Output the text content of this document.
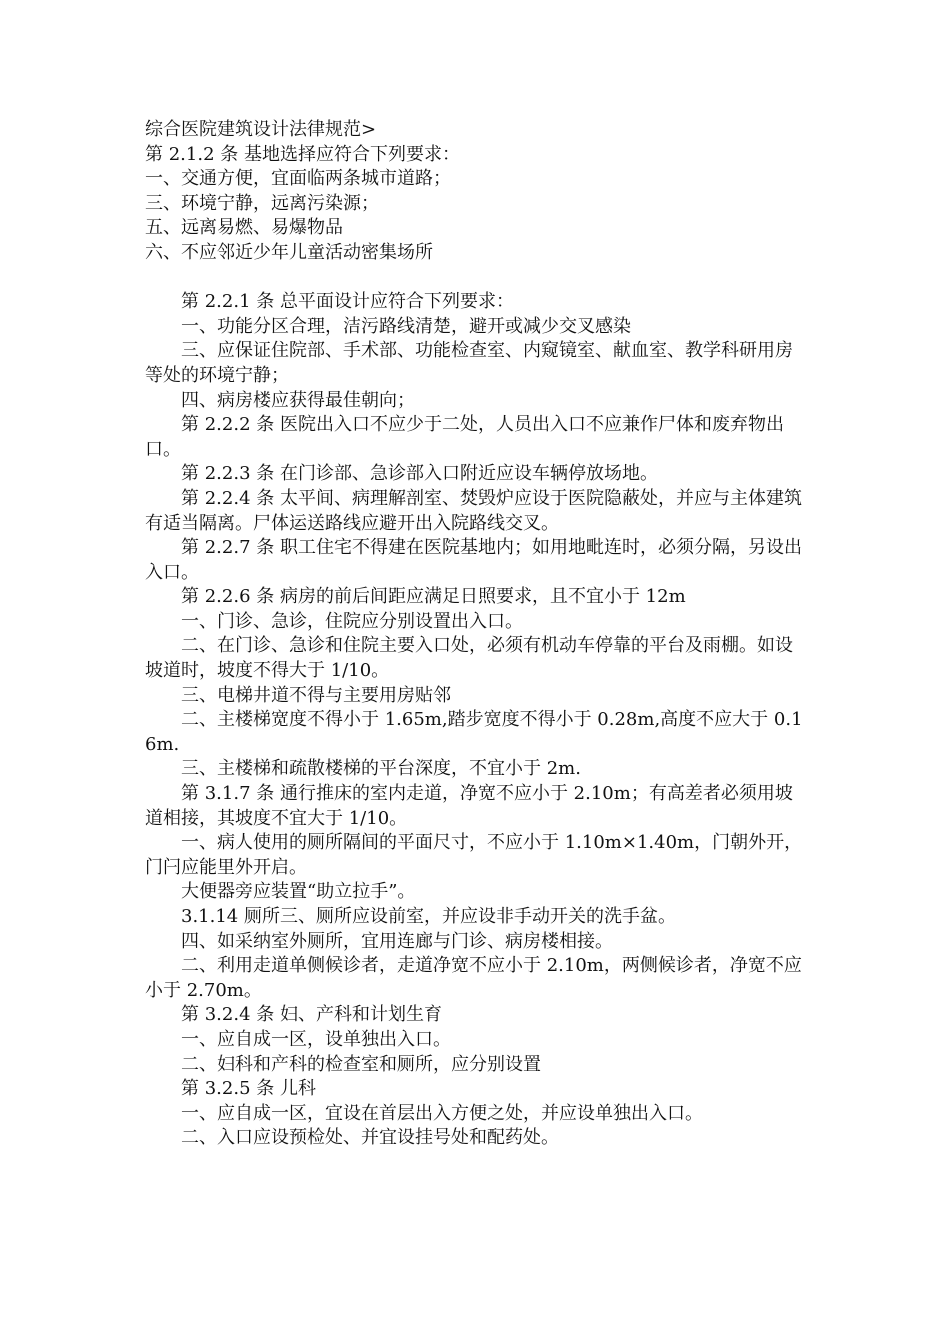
综合医院建筑设计法律规范>

第 2.1.2 条 基地选择应符合下列要求：

一、交通方便，宜面临两条城市道路；

三、环境宁静，远离污染源；

五、远离易燃、易爆物品

六、不应邻近少年儿童活动密集场所

第 2.2.1 条 总平面设计应符合下列要求：

一、功能分区合理，洁污路线清楚，避开或减少交叉感染

三、应保证住院部、手术部、功能检查室、内窥镜室、献血室、教学科研用房等处的环境宁静；

四、病房楼应获得最佳朝向；

第 2.2.2 条 医院出入口不应少于二处，人员出入口不应兼作尸体和废弃物出口。

第 2.2.3 条 在门诊部、急诊部入口附近应设车辆停放场地。

第 2.2.4 条 太平间、病理解剖室、焚毁炉应设于医院隐蔽处，并应与主体建筑有适当隔离。尸体运送路线应避开出入院路线交叉。

第 2.2.7 条 职工住宅不得建在医院基地内；如用地毗连时，必须分隔，另设出入口。

第 2.2.6 条 病房的前后间距应满足日照要求，且不宜小于 12m

一、门诊、急诊，住院应分别设置出入口。

二、在门诊、急诊和住院主要入口处，必须有机动车停靠的平台及雨棚。如设坡道时，坡度不得大于 1/10。

三、电梯井道不得与主要用房贴邻

二、主楼梯宽度不得小于 1.65m,踏步宽度不得小于 0.28m,高度不应大于 0.16m.

三、主楼梯和疏散楼梯的平台深度，不宜小于 2m.

第 3.1.7 条 通行推床的室内走道，净宽不应小于 2.10m；有高差者必须用坡道相接，其坡度不宜大于 1/10。

一、病人使用的厕所隔间的平面尺寸，不应小于 1.10m×1.40m，门朝外开，门闩应能里外开启。

大便器旁应装置“助立拉手”。

3.1.14 厕所三、厕所应设前室，并应设非手动开关的洗手盆。

四、如采纳室外厕所，宜用连廊与门诊、病房楼相接。

二、利用走道单侧候诊者，走道净宽不应小于 2.10m，两侧候诊者，净宽不应小于 2.70m。

第 3.2.4 条 妇、产科和计划生育

一、应自成一区，设单独出入口。

二、妇科和产科的检查室和厕所，应分别设置

第 3.2.5 条 儿科

一、应自成一区，宜设在首层出入方便之处，并应设单独出入口。

二、入口应设预检处、并宜设挂号处和配药处。
